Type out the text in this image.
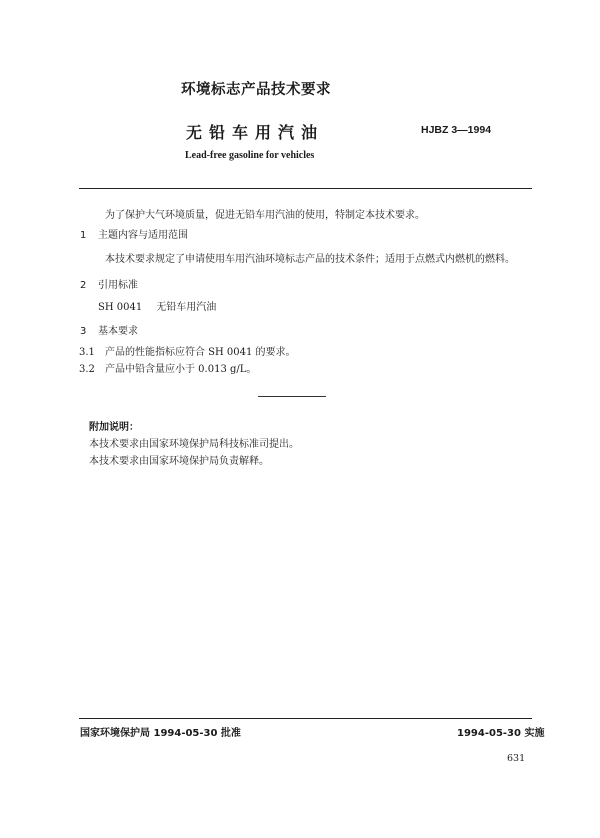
环境标志产品技术要求
无铅车用汽油	HJBZ 3—1994
Lead-free gasoline for vehicles
为了保护大气环境质量，促进无铅车用汽油的使用，特制定本技术要求。
1 主题内容与适用范围
本技术要求规定了申请使用车用汽油环境标志产品的技术条件；适用于点燃式内燃机的燃料。
2 引用标准
SH 0041 无铅车用汽油
3 基本要求
3.1 产品的性能指标应符合 SH 0041 的要求。
3.2 产品中铅含量应小于 0.013 g/L。
附加说明：
本技术要求由国家环境保护局科技标准司提出。
本技术要求由国家环境保护局负责解释。
国家环境保护局 1994-05-30 批准	1994-05-30 实施
631
